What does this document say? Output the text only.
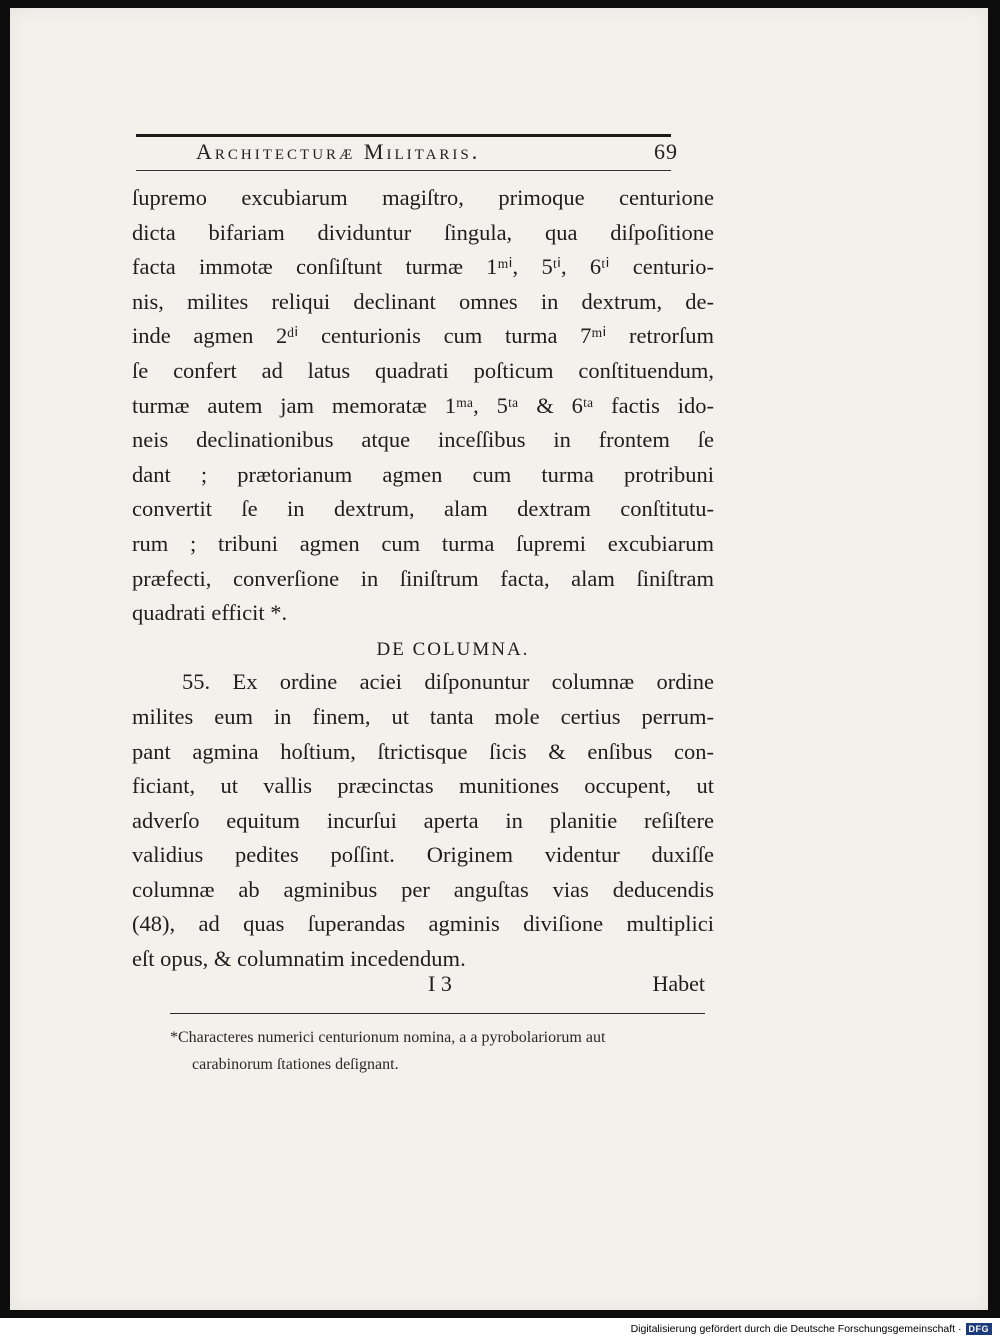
Architecturæ Militaris.	69
ſupremo excubiarum magiſtro, primoque centurione
dicta bifariam dividuntur ſingula, qua diſpoſitione
facta immotæ conſiſtunt turmæ 1ᵐⁱ, 5ᵗⁱ, 6ᵗⁱ centurio-
nis, milites reliqui declinant omnes in dextrum, de-
inde agmen 2ᵈⁱ centurionis cum turma 7ᵐⁱ retrorſum
ſe confert ad latus quadrati poſticum conſtituendum,
turmæ autem jam memoratæ 1ᵐᵃ, 5ᵗᵃ & 6ᵗᵃ factis ido-
neis declinationibus atque inceſſibus in frontem ſe
dant ; prætorianum agmen cum turma protribuni
convertit ſe in dextrum, alam dextram conſtitutu-
rum ; tribuni agmen cum turma ſupremi excubiarum
præfecti, converſione in ſiniſtrum facta, alam ſiniſtram
quadrati efficit *.
DE COLUMNA.
55. Ex ordine aciei diſponuntur columnæ ordine
milites eum in finem, ut tanta mole certius perrum-
pant agmina hoſtium, ſtrictisque ſicis & enſibus con-
ficiant, ut vallis præcinctas munitiones occupent, ut
adverſo equitum incurſui aperta in planitie reſiſtere
validius pedites poſſint. Originem videntur duxiſſe
columnæ ab agminibus per anguſtas vias deducendis
(48), ad quas ſuperandas agminis diviſione multiplici
eſt opus, & columnatim incedendum.
I 3	Habet
*Characteres numerici centurionum nomina, a a pyrobolariorum aut
carabinorum ſtationes deſignant.
Digitalisierung gefördert durch die Deutsche Forschungsgemeinschaft · DFG
